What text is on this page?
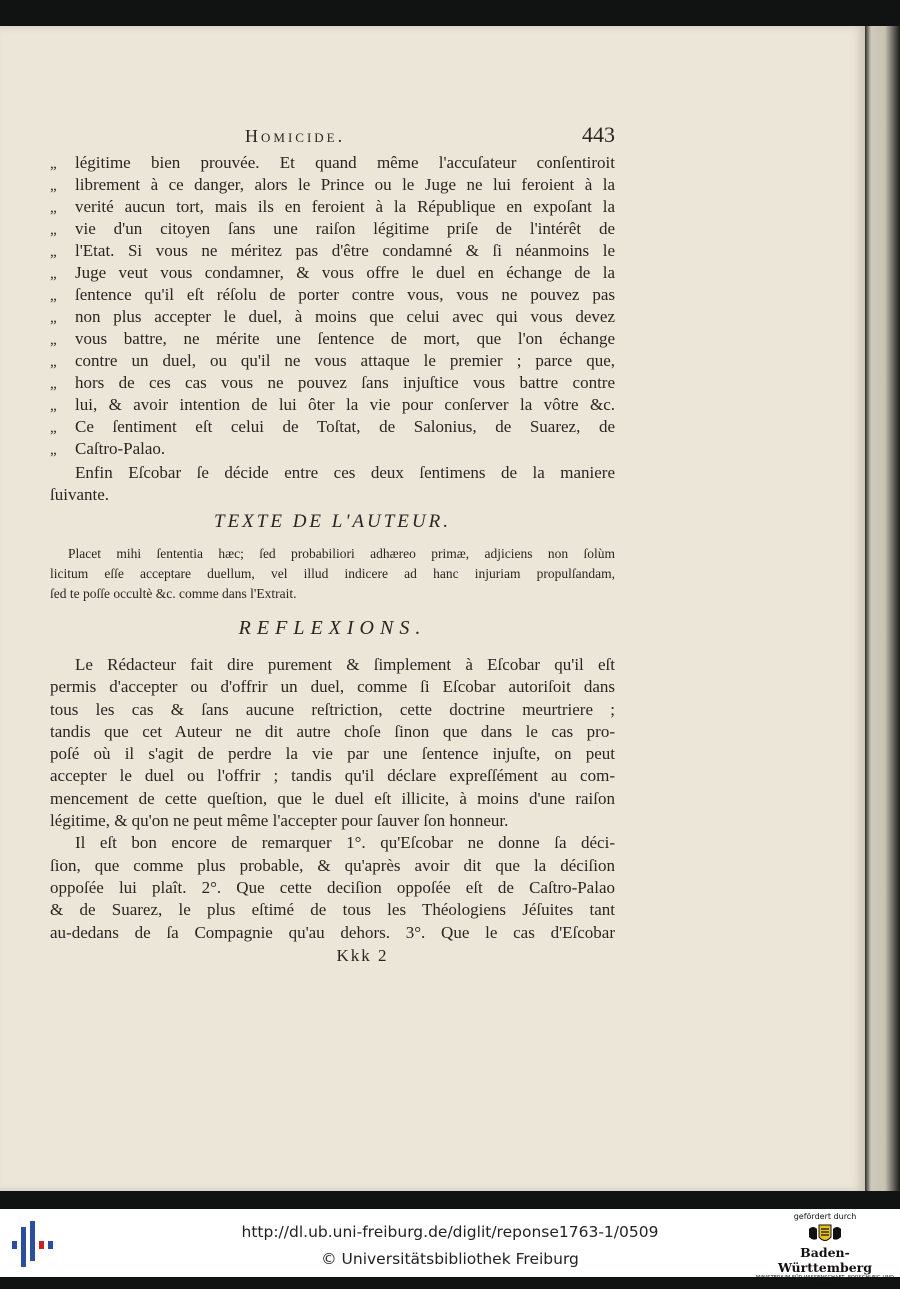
Homicide.	443
„	légitime bien prouvée. Et quand même l'accuſateur conſentiroit
„	librement à ce danger, alors le Prince ou le Juge ne lui feroient à la
„	verité aucun tort, mais ils en feroient à la République en expoſant la
„	vie d'un citoyen ſans une raiſon légitime priſe de l'intérêt de
„	l'Etat. Si vous ne méritez pas d'être condamné & ſi néanmoins le
„	Juge veut vous condamner, & vous offre le duel en échange de la
„	ſentence qu'il eſt réſolu de porter contre vous, vous ne pouvez pas
„	non plus accepter le duel, à moins que celui avec qui vous devez
„	vous battre, ne mérite une ſentence de mort, que l'on échange
„	contre un duel, ou qu'il ne vous attaque le premier ; parce que,
„	hors de ces cas vous ne pouvez ſans injuſtice vous battre contre
„	lui, & avoir intention de lui ôter la vie pour conſerver la vôtre &c.
„	Ce ſentiment eſt celui de Toſtat, de Salonius, de Suarez, de
„	Caſtro-Palao.
Enfin Eſcobar ſe décide entre ces deux ſentimens de la maniere
ſuivante.
TEXTE DE L'AUTEUR.
Placet mihi ſententia hæc; ſed probabiliori adhæreo primæ, adjiciens non ſolùm
licitum eſſe acceptare duellum, vel illud indicere ad hanc injuriam propulſandam,
ſed te poſſe occultè &c. comme dans l'Extrait.
REFLEXIONS.
Le Rédacteur fait dire purement & ſimplement à Eſcobar qu'il eſt
permis d'accepter ou d'offrir un duel, comme ſi Eſcobar autoriſoit dans
tous les cas & ſans aucune reſtriction, cette doctrine meurtriere ;
tandis que cet Auteur ne dit autre choſe ſinon que dans le cas pro-
poſé où il s'agit de perdre la vie par une ſentence injuſte, on peut
accepter le duel ou l'offrir ; tandis qu'il déclare expreſſément au com-
mencement de cette queſtion, que le duel eſt illicite, à moins d'une raiſon
légitime, & qu'on ne peut même l'accepter pour ſauver ſon honneur.
Il eſt bon encore de remarquer 1°. qu'Eſcobar ne donne ſa déci-
ſion, que comme plus probable, & qu'après avoir dit que la déciſion
oppoſée lui plaît. 2°. Que cette deciſion oppoſée eſt de Caſtro-Palao
& de Suarez, le plus eſtimé de tous les Théologiens Jéſuites tant
au-dedans de ſa Compagnie qu'au dehors. 3°. Que le cas d'Eſcobar
Kkk 2
http://dl.ub.uni-freiburg.de/diglit/reponse1763-1/0509
© Universitätsbibliothek Freiburg
gefördert durch
Baden-Württemberg
MINISTERIUM FÜR WISSENSCHAFT, FORSCHUNG UND KUNST
